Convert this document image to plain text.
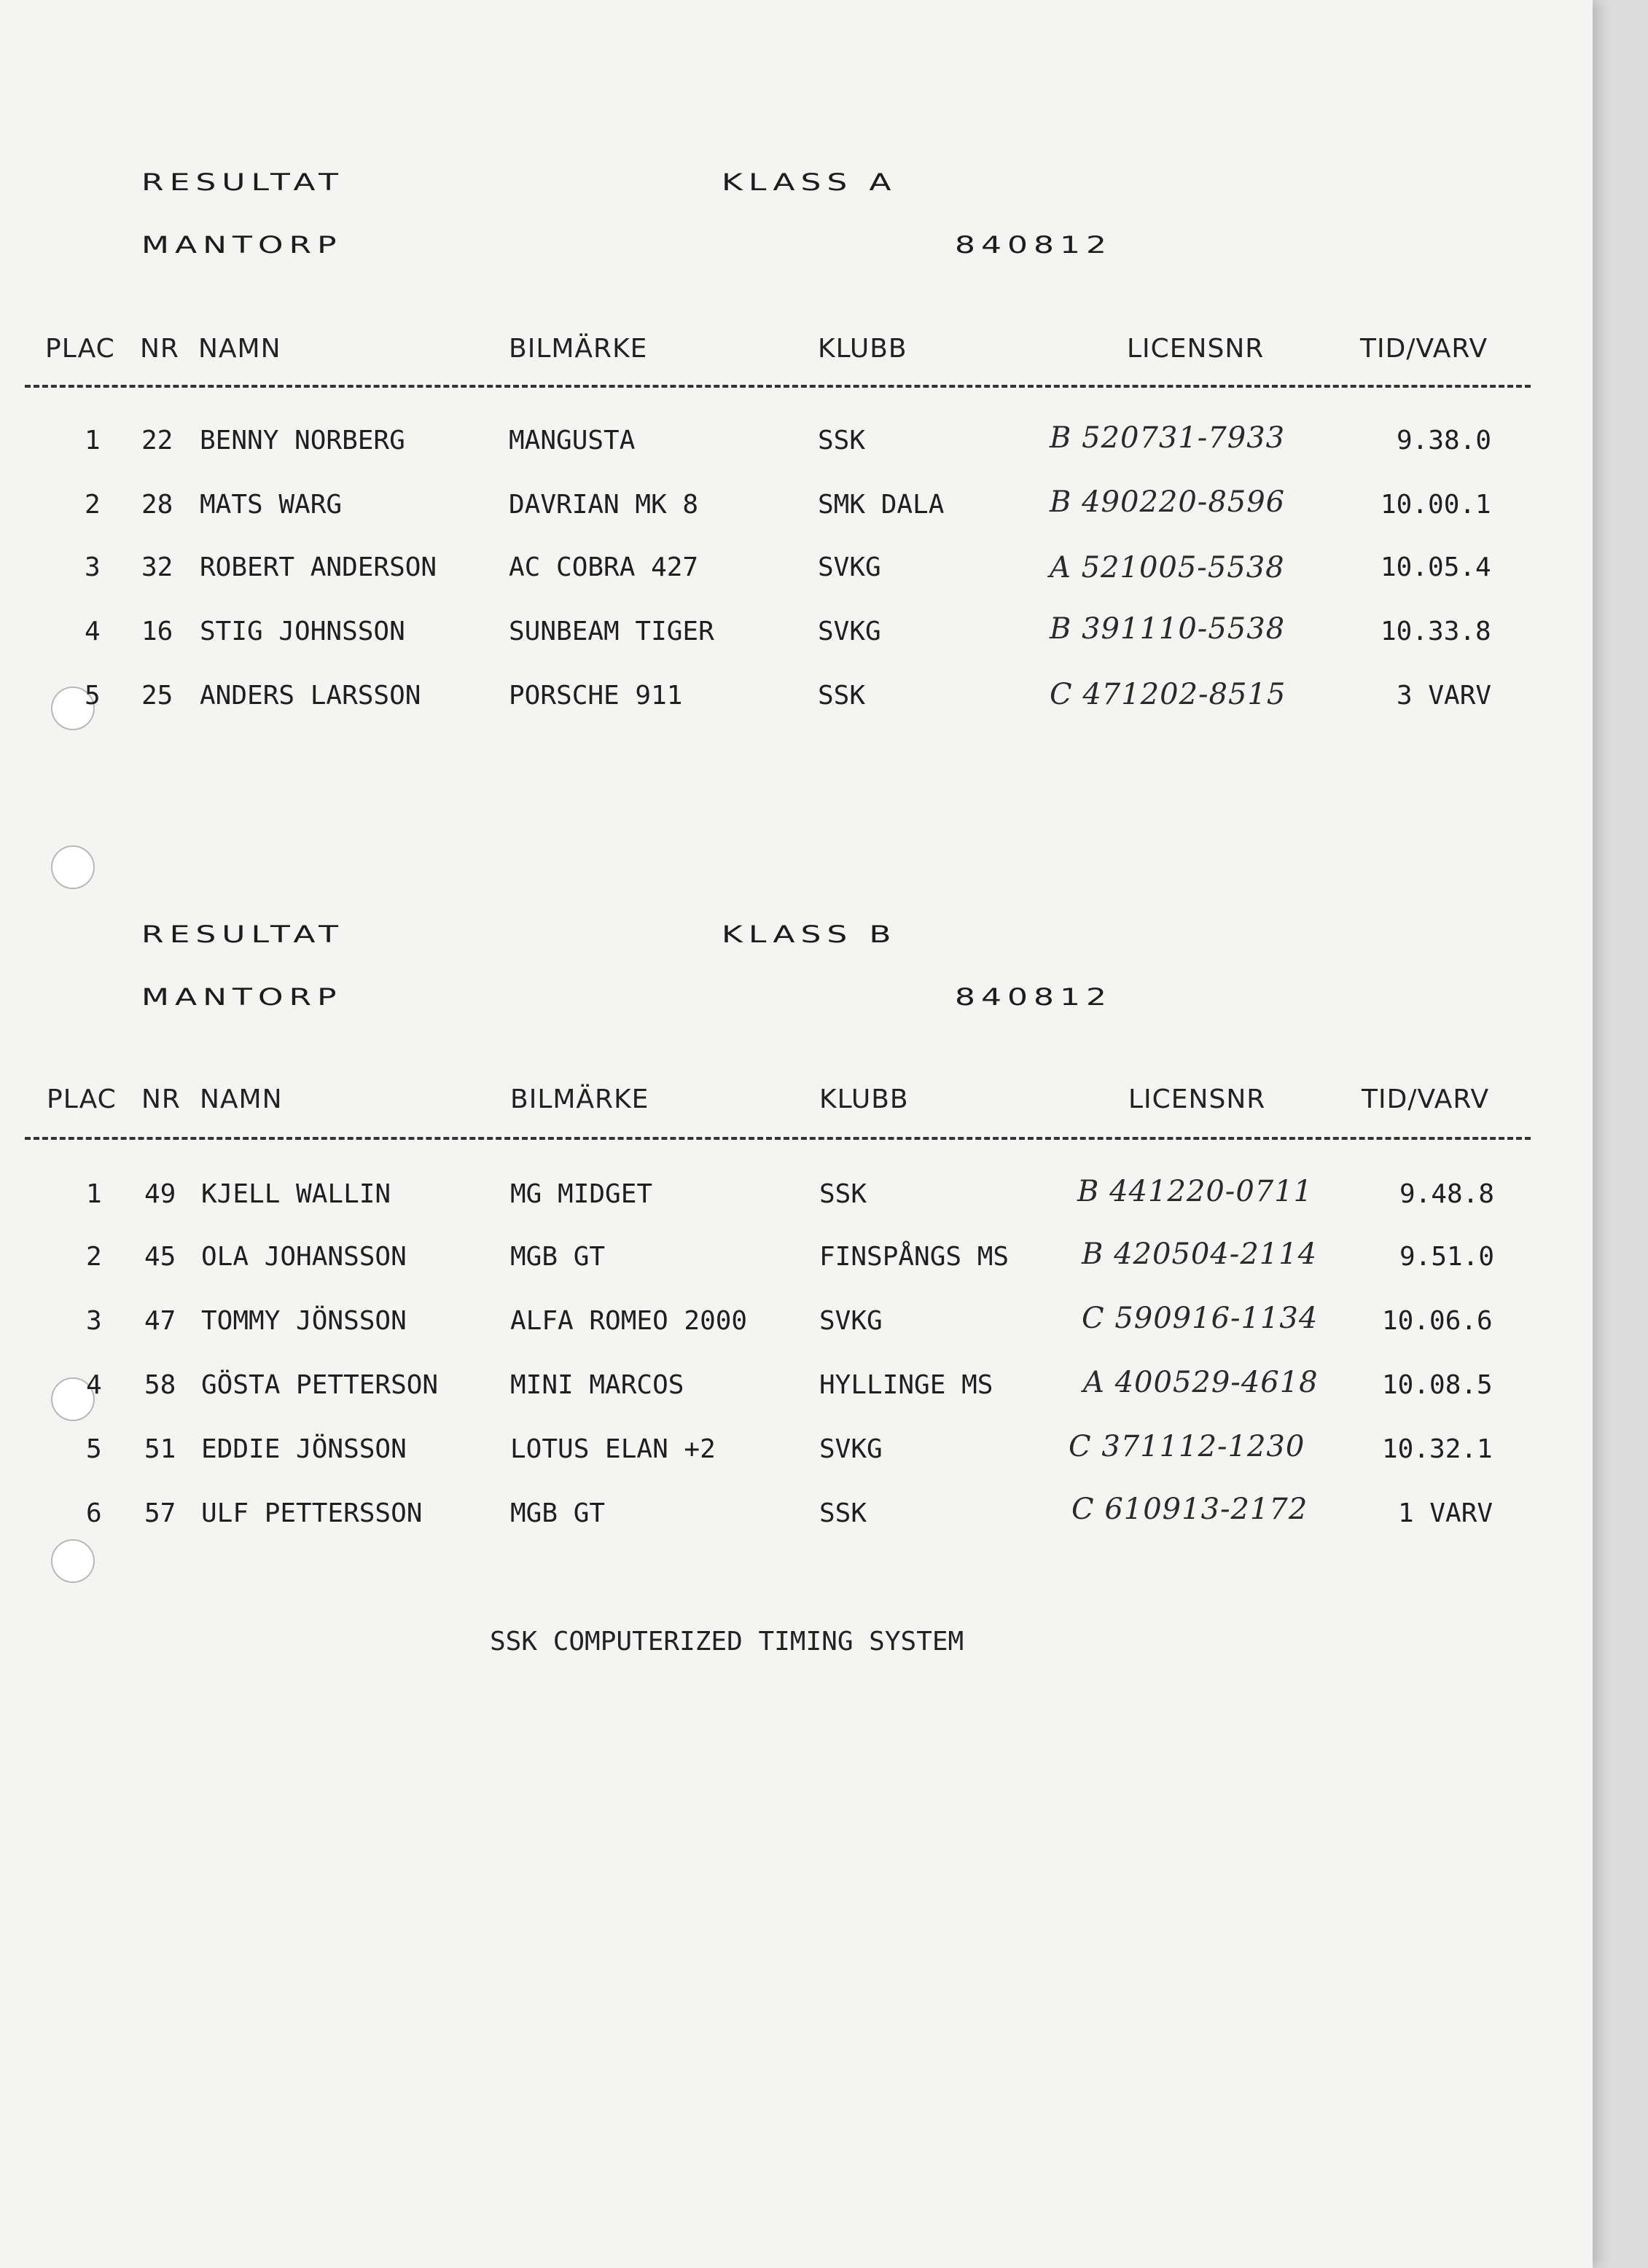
RESULTAT	KLASS A
MANTORP	840812
PLAC NR NAMN	BILMÄRKE	KLUBB	LICENSNR	TID/VARV
1 22 BENNY NORBERG	MANGUSTA	SSK	B 520731-7933	9.38.0
2 28 MATS WARG	DAVRIAN MK 8	SMK DALA	B 490220-8596	10.00.1
3 32 ROBERT ANDERSON	AC COBRA 427	SVKG	A 521005-5538	10.05.4
4 16 STIG JOHNSSON	SUNBEAM TIGER	SVKG	B 391110-5538	10.33.8
5 25 ANDERS LARSSON	PORSCHE 911	SSK	C 471202-8515	3 VARV
RESULTAT	KLASS B
MANTORP	840812
PLAC NR NAMN	BILMÄRKE	KLUBB	LICENSNR	TID/VARV
1 49 KJELL WALLIN	MG MIDGET	SSK	B 441220-0711	9.48.8
2 45 OLA JOHANSSON	MGB GT	FINSPÅNGS MS B 420504-2114	9.51.0
3 47 TOMMY JÖNSSON	ALFA ROMEO 2000	SVKG	C 590916-1134 10.06.6
4 58 GÖSTA PETTERSON	MINI MARCOS	HYLLINGE MS	A 400529-4618 10.08.5
5 51 EDDIE JÖNSSON	LOTUS ELAN +2	SVKG	C 371112-1230	10.32.1
6 57 ULF PETTERSSON	MGB GT	SSK	C 610913-2172	1 VARV
SSK COMPUTERIZED TIMING SYSTEM
